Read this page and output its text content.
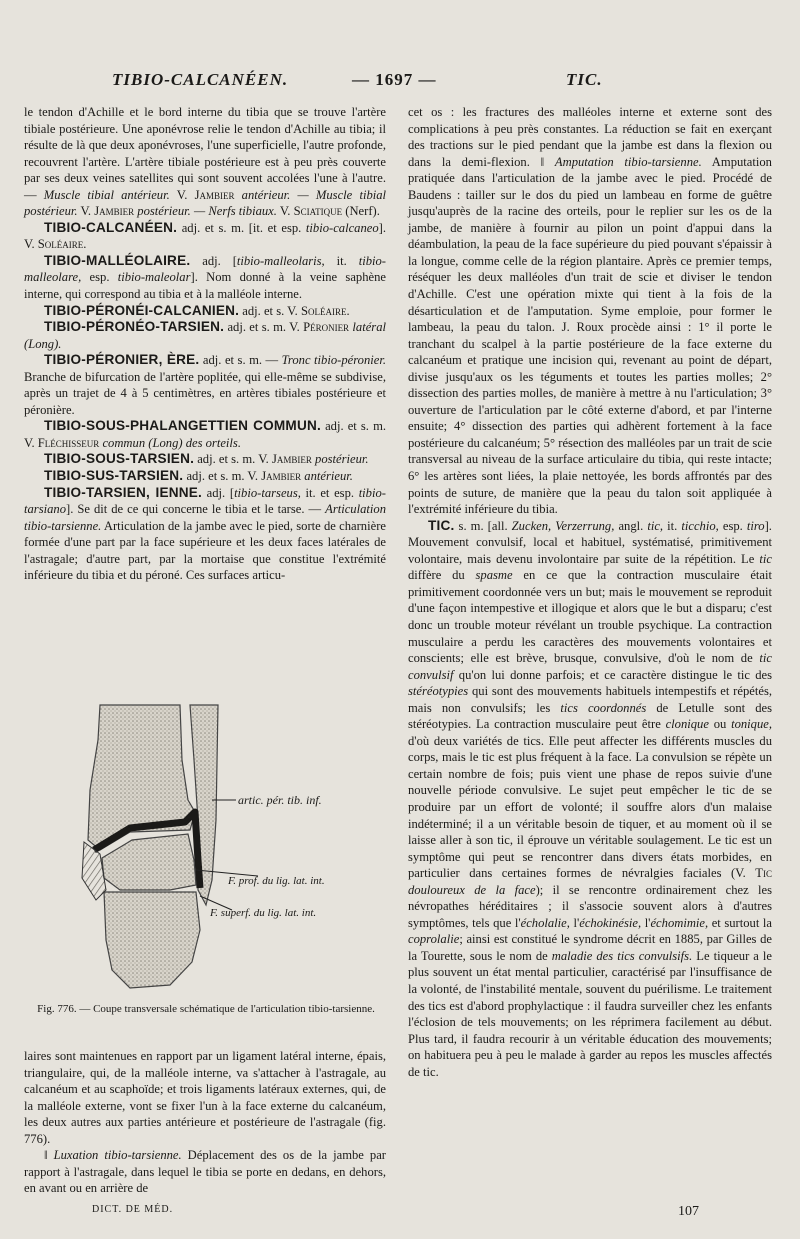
TIBIO-CALCANÉEN.	— 1697 —	TIC.

le tendon d'Achille et le bord interne du tibia que se trouve l'artère tibiale postérieure. Une aponévrose relie le tendon d'Achille au tibia; il résulte de là que deux aponévroses, l'une superficielle, l'autre profonde, recouvrent l'artère. L'artère tibiale postérieure est à peu près couverte par ses deux veines satellites qui sont souvent accolées l'une à l'autre. — Muscle tibial antérieur. V. Jambier antérieur. — Muscle tibial postérieur. V. Jambier postérieur. — Nerfs tibiaux. V. Sciatique (Nerf).

TIBIO-CALCANÉEN. adj. et s. m. [it. et esp. tibio-calcaneo]. V. Soléaire.

TIBIO-MALLÉOLAIRE. adj. [tibio-malleolaris, it. tibio-malleolare, esp. tibio-maleolar]. Nom donné à la veine saphène interne, qui correspond au tibia et à la malléole interne.

TIBIO-PÉRONÉI-CALCANIEN. adj. et s. V. Soléaire.

TIBIO-PÉRONÉO-TARSIEN. adj. et s. m. V. Péronier latéral (Long).

TIBIO-PÉRONIER, ÈRE. adj. et s. m. — Tronc tibio-péronier. Branche de bifurcation de l'artère poplitée, qui elle-même se subdivise, après un trajet de 4 à 5 centimètres, en artères tibiales postérieure et péronière.

TIBIO-SOUS-PHALANGETTIEN COMMUN. adj. et s. m. V. Fléchisseur commun (Long) des orteils.

TIBIO-SOUS-TARSIEN. adj. et s. m. V. Jambier postérieur.

TIBIO-SUS-TARSIEN. adj. et s. m. V. Jambier antérieur.

TIBIO-TARSIEN, IENNE. adj. [tibio-tarseus, it. et esp. tibio-tarsiano]. Se dit de ce qui concerne le tibia et le tarse. — Articulation tibio-tarsienne. Articulation de la jambe avec le pied, sorte de charnière formée d'une part par la face supérieure et les deux faces latérales de l'astragale; d'autre part, par la mortaise que constitue l'extrémité inférieure du tibia et du péroné. Ces surfaces articu-

artic. pér. tib. inf.
F. prof. du lig. lat. int.
F. superf. du lig. lat. int.
Fig. 776. — Coupe transversale schématique de l'articulation tibio-tarsienne.

laires sont maintenues en rapport par un ligament latéral interne, épais, triangulaire, qui, de la malléole interne, va s'attacher à l'astragale, au calcanéum et au scaphoïde; et trois ligaments latéraux externes, qui, de la malléole externe, vont se fixer l'un à la face externe du calcanéum, les deux autres aux parties antérieure et postérieure de l'astragale (fig. 776).

‖ Luxation tibio-tarsienne. Déplacement des os de la jambe par rapport à l'astragale, dans lequel le tibia se porte en dedans, en dehors, en avant ou en arrière de

cet os : les fractures des malléoles interne et externe sont des complications à peu près constantes. La réduction se fait en exerçant des tractions sur le pied pendant que la jambe est dans la flexion ou dans la demi-flexion. ‖ Amputation tibio-tarsienne. Amputation pratiquée dans l'articulation de la jambe avec le pied. Procédé de Baudens : tailler sur le dos du pied un lambeau en forme de guêtre jusqu'auprès de la racine des orteils, pour le replier sur les os de la jambe, de manière à fournir au pilon un point d'appui dans la déambulation, la peau de la face supérieure du pied pouvant s'épaissir à la longue, comme celle de la région plantaire. Après ce premier temps, réséquer les deux malléoles d'un trait de scie et diviser le tendon d'Achille. C'est une opération mixte qui tient à la fois de la désarticulation et de l'amputation. Syme emploie, pour former le lambeau, la peau du talon. J. Roux procède ainsi : 1° il porte le tranchant du scalpel à la partie postérieure de la face externe du calcanéum et pratique une incision qui, revenant au point de départ, divise jusqu'aux os les téguments et toutes les parties molles; 2° dissection des parties molles, de manière à mettre à nu l'articulation; 3° ouverture de l'articulation par le côté externe d'abord, et par l'interne ensuite; 4° dissection des parties qui adhèrent fortement à la face postérieure du calcanéum; 5° résection des malléoles par un trait de scie transversal au niveau de la surface articulaire du tibia, qui reste intacte; 6° les artères sont liées, la plaie nettoyée, les bords affrontés par des points de suture, de manière que la peau du talon soit appliquée à l'extrémité inférieure du tibia.

TIC. s. m. [all. Zucken, Verzerrung, angl. tic, it. ticchio, esp. tiro]. Mouvement convulsif, local et habituel, systématisé, primitivement volontaire, mais devenu involontaire par suite de la répétition. Le tic diffère du spasme en ce que la contraction musculaire était primitivement coordonnée vers un but; mais le mouvement se reproduit d'une façon intempestive et illogique et alors que le but a disparu; c'est donc un trouble moteur révélant un trouble psychique. La contraction musculaire a perdu les caractères des mouvements volontaires et conscients; elle est brève, brusque, convulsive, d'où le nom de tic convulsif qu'on lui donne parfois; et ce caractère distingue le tic des stéréotypies qui sont des mouvements habituels intempestifs et répétés, mais non convulsifs; les tics coordonnés de Letulle sont des stéréotypies. La contraction musculaire peut être clonique ou tonique, d'où deux variétés de tics. Elle peut affecter les différents muscles du corps, mais le tic est plus fréquent à la face. La convulsion se répète un certain nombre de fois; puis vient une phase de repos suivie d'une nouvelle période convulsive. Le sujet peut empêcher le tic de se produire par un effort de volonté; il souffre alors d'un malaise indéterminé; il a un véritable besoin de tiquer, et au moment où il se laisse aller à son tic, il éprouve un véritable soulagement. Le tic est un symptôme qui peut se rencontrer dans divers états morbides, en particulier dans certaines formes de névralgies faciales (V. Tic douloureux de la face); il se rencontre ordinairement chez les névropathes héréditaires ; il s'associe souvent alors à d'autres symptômes, tels que l'écholalie, l'échokinésie, l'échomimie, et surtout la coprolalie; ainsi est constitué le syndrome décrit en 1885, par Gilles de la Tourette, sous le nom de maladie des tics convulsifs. Le tiqueur a le plus souvent un état mental particulier, caractérisé par l'insuffisance de la volonté, de l'instabilité mentale, souvent du puérilisme. Le traitement des tics est d'abord prophylactique : il faudra surveiller chez les enfants l'éclosion de tels mouvements; on les réprimera facilement au début. Plus tard, il faudra recourir à un véritable éducation des mouvements; on habituera peu à peu le malade à garder au repos les muscles affectés de tic.

DICT. DE MÉD.	107
